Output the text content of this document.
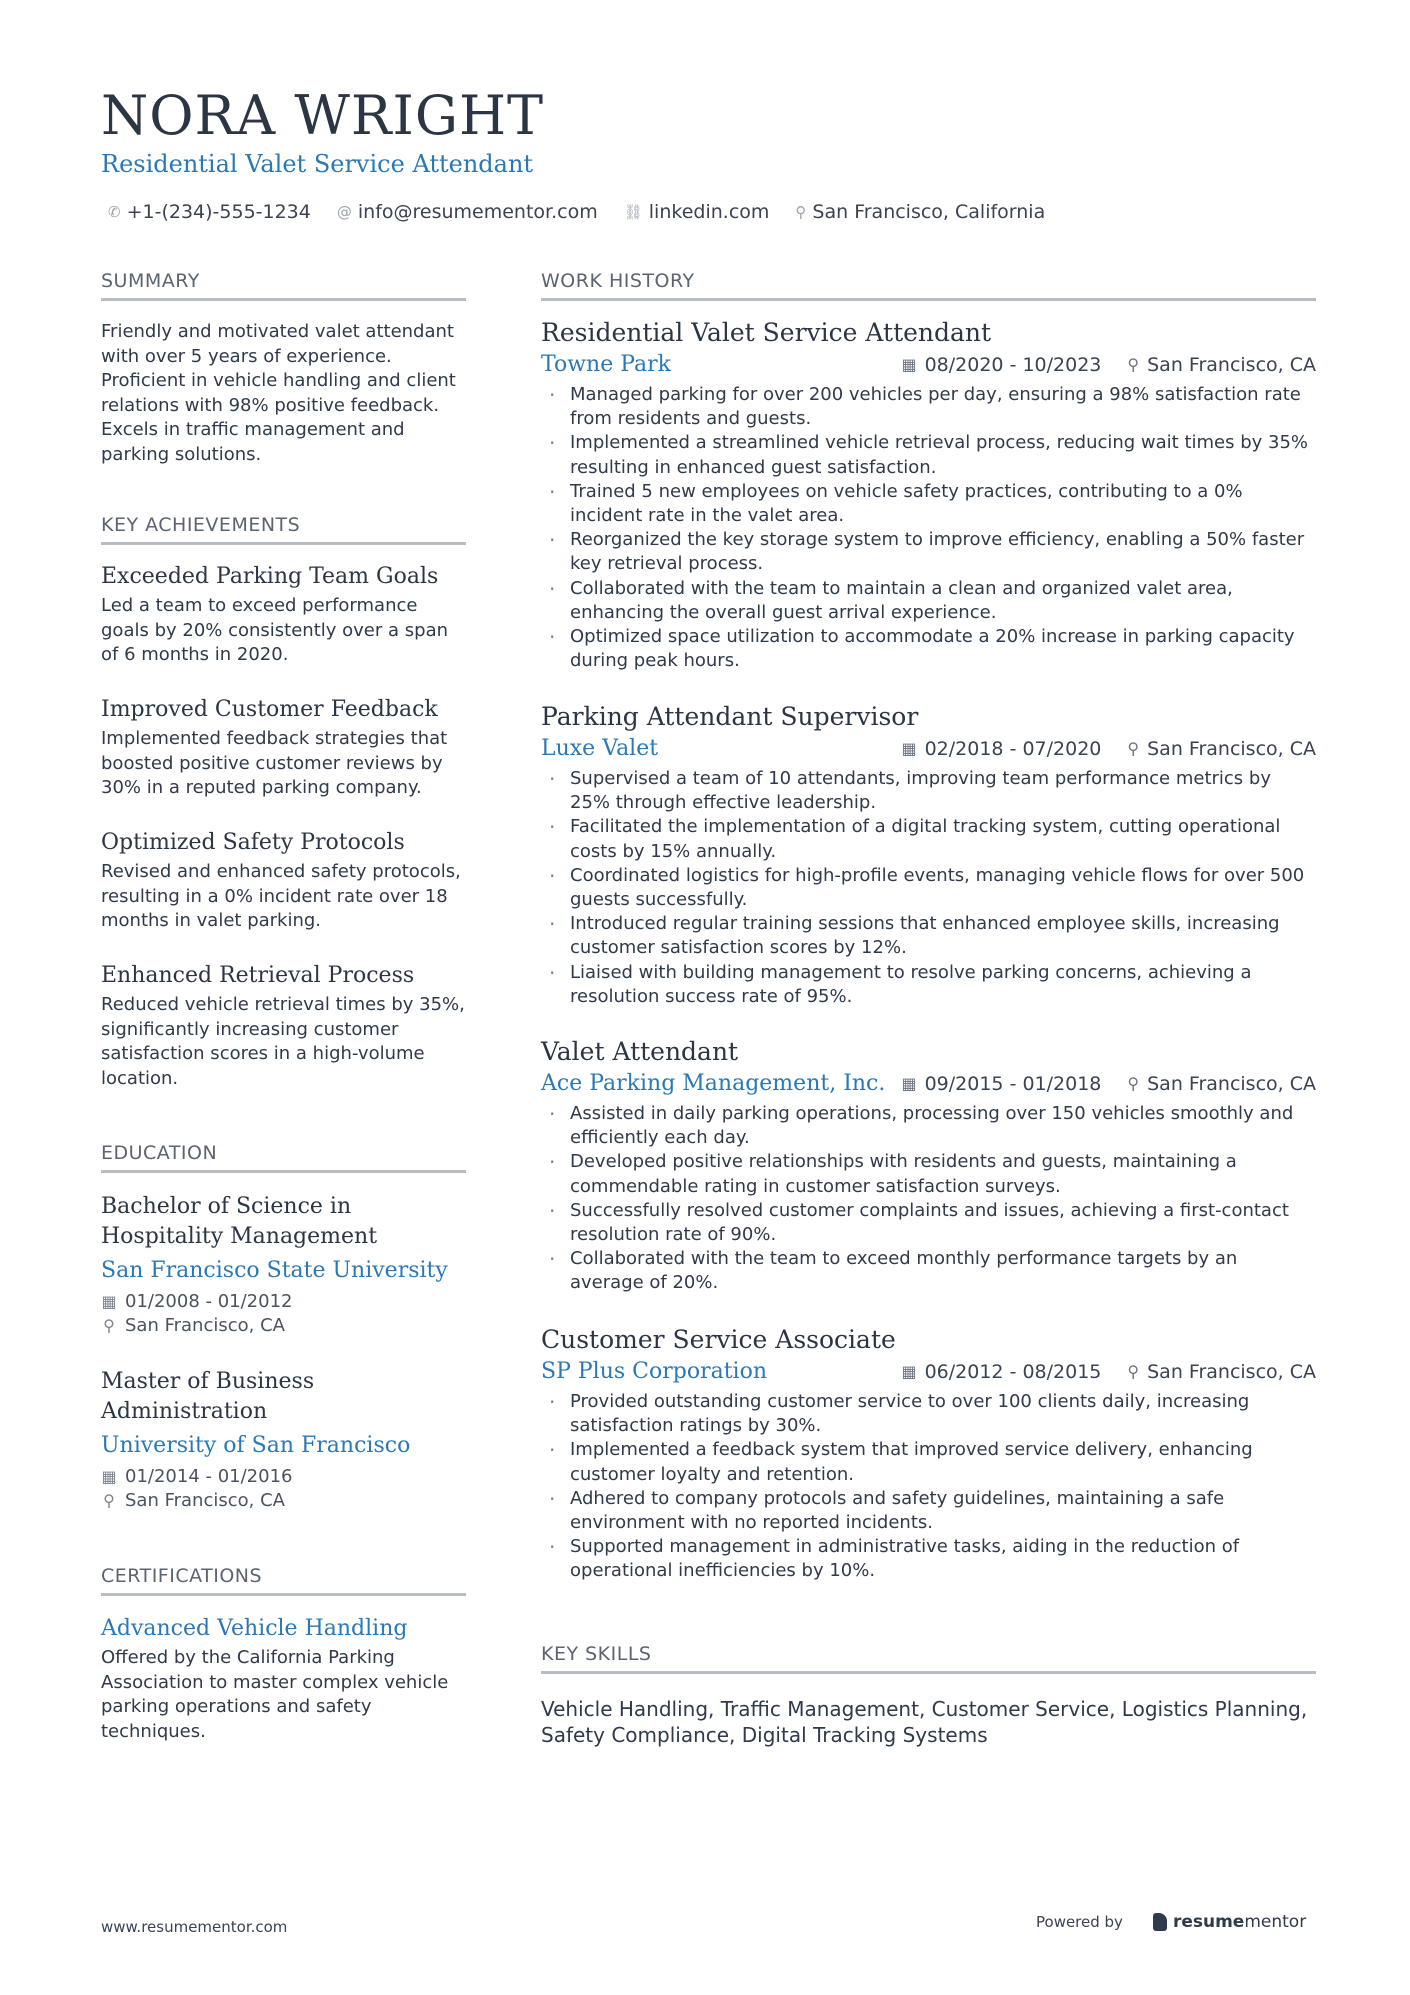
NORA WRIGHT
Residential Valet Service Attendant
✆ +1-(234)-555-1234 @ info@resumementor.com ⛓ linkedin.com ⚲ San Francisco, California
SUMMARY

Friendly and motivated valet attendant with over 5 years of experience. Proficient in vehicle handling and client relations with 98% positive feedback. Excels in traffic management and parking solutions.

KEY ACHIEVEMENTS
Exceeded Parking Team Goals

Led a team to exceed performance goals by 20% consistently over a span of 6 months in 2020.

Improved Customer Feedback

Implemented feedback strategies that boosted positive customer reviews by 30% in a reputed parking company.

Optimized Safety Protocols

Revised and enhanced safety protocols, resulting in a 0% incident rate over 18 months in valet parking.

Enhanced Retrieval Process

Reduced vehicle retrieval times by 35%, significantly increasing customer satisfaction scores in a high-volume location.

EDUCATION
Bachelor of Science in Hospitality Management
San Francisco State University
▦ 01/2008 - 01/2012
⚲ San Francisco, CA
Master of Business Administration
University of San Francisco
▦ 01/2014 - 01/2016
⚲ San Francisco, CA
CERTIFICATIONS
Advanced Vehicle Handling

Offered by the California Parking Association to master complex vehicle parking operations and safety techniques.

WORK HISTORY
Residential Valet Service Attendant
Towne Park	▦ 08/2020 - 10/2023 ⚲ San Francisco, CA
· Managed parking for over 200 vehicles per day, ensuring a 98% satisfaction rate from residents and guests.
· Implemented a streamlined vehicle retrieval process, reducing wait times by 35% resulting in enhanced guest satisfaction.
· Trained 5 new employees on vehicle safety practices, contributing to a 0% incident rate in the valet area.
· Reorganized the key storage system to improve efficiency, enabling a 50% faster key retrieval process.
· Collaborated with the team to maintain a clean and organized valet area, enhancing the overall guest arrival experience.
· Optimized space utilization to accommodate a 20% increase in parking capacity during peak hours.
Parking Attendant Supervisor
Luxe Valet	▦ 02/2018 - 07/2020 ⚲ San Francisco, CA
· Supervised a team of 10 attendants, improving team performance metrics by 25% through effective leadership.
· Facilitated the implementation of a digital tracking system, cutting operational costs by 15% annually.
· Coordinated logistics for high-profile events, managing vehicle flows for over 500 guests successfully.
· Introduced regular training sessions that enhanced employee skills, increasing customer satisfaction scores by 12%.
· Liaised with building management to resolve parking concerns, achieving a resolution success rate of 95%.
Valet Attendant
Ace Parking Management, Inc. ▦ 09/2015 - 01/2018 ⚲ San Francisco, CA
· Assisted in daily parking operations, processing over 150 vehicles smoothly and efficiently each day.
· Developed positive relationships with residents and guests, maintaining a commendable rating in customer satisfaction surveys.
· Successfully resolved customer complaints and issues, achieving a first-contact resolution rate of 90%.
· Collaborated with the team to exceed monthly performance targets by an average of 20%.
Customer Service Associate
SP Plus Corporation	▦ 06/2012 - 08/2015 ⚲ San Francisco, CA
· Provided outstanding customer service to over 100 clients daily, increasing satisfaction ratings by 30%.
· Implemented a feedback system that improved service delivery, enhancing customer loyalty and retention.
· Adhered to company protocols and safety guidelines, maintaining a safe environment with no reported incidents.
· Supported management in administrative tasks, aiding in the reduction of operational inefficiencies by 10%.
KEY SKILLS

Vehicle Handling, Traffic Management, Customer Service, Logistics Planning, Safety Compliance, Digital Tracking Systems

www.resumementor.com	Powered by	resume mentor
